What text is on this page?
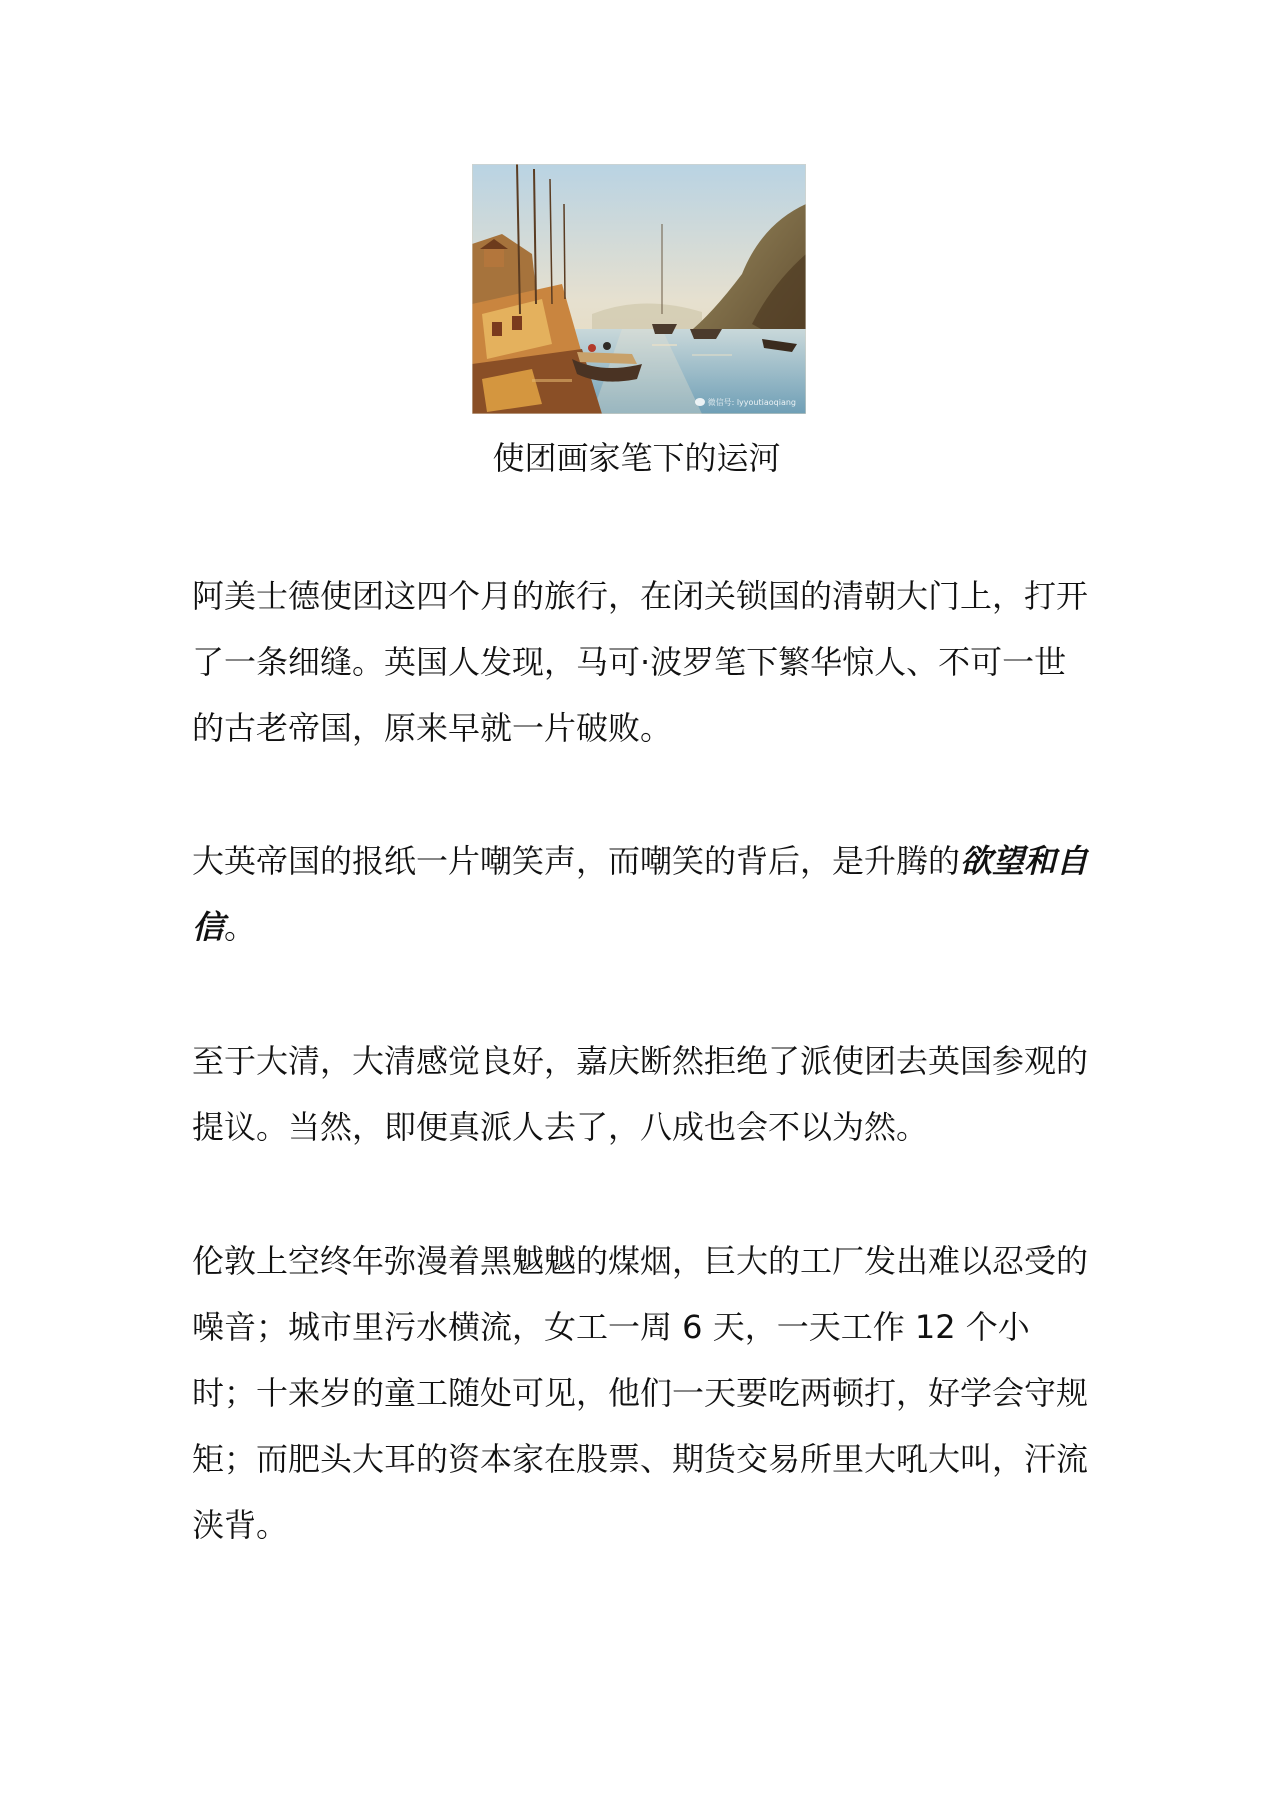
微信号: lyyoutiaoqiang
使团画家笔下的运河

阿美士德使团这四个月的旅行，在闭关锁国的清朝大门上，打开了一条细缝。英国人发现，马可·波罗笔下繁华惊人、不可一世的古老帝国，原来早就一片破败。

大英帝国的报纸一片嘲笑声，而嘲笑的背后，是升腾的欲望和自信。

至于大清，大清感觉良好，嘉庆断然拒绝了派使团去英国参观的提议。当然，即便真派人去了，八成也会不以为然。

伦敦上空终年弥漫着黑魆魆的煤烟，巨大的工厂发出难以忍受的噪音；城市里污水横流，女工一周 6 天，一天工作 12 个小时；十来岁的童工随处可见，他们一天要吃两顿打，好学会守规矩；而肥头大耳的资本家在股票、期货交易所里大吼大叫，汗流浃背。
